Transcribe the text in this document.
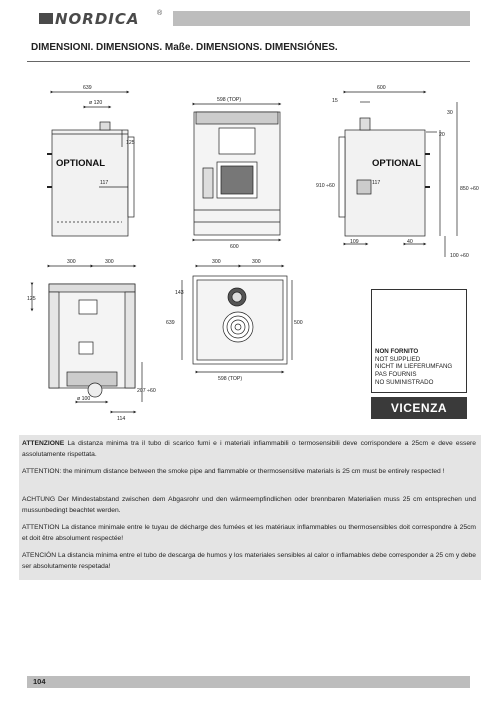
NORDICA ®
DIMENSIONI. DIMENSIONS. Maße. DIMENSIONS. DIMENSIÓNES.
639
ø 120
125
OPTIONAL
117
598 (TOP)
600
600
15
20
30
910 ÷60	850 ÷60
OPTIONAL
117
109	40
100 ÷60
300	300
125
ø 100
207 ÷60
114
300	300
143
639	500
598 (TOP)
NON FORNITO
NOT SUPPLIED
NICHT IM LIEFERUMFANG
PAS FOURNIS
NO SUMINISTRADO
VICENZA

ATTENZIONE La distanza minima tra il tubo di scarico fumi e i materiali infiammabili o termosensibili deve corrispondere a 25cm e deve essere assolutamente rispettata.

ATTENTION: the minimum distance between the smoke pipe and flammable or thermosensitive materials is 25 cm must be entirely respected !

ACHTUNG Der Mindestabstand zwischen dem Abgasrohr und den wärmeempfindlichen oder brennbaren Materialien muss 25 cm entsprechen und mussunbedingt beachtet werden.

ATTENTION La distance minimale entre le tuyau de décharge des fumées et les matériaux inflammables ou thermosensibles doit correspondre à 25cm et doit être absolument respectée!

ATENCIÓN La distancia mínima entre el tubo de descarga de humos y los materiales sensibles al calor o inflamables debe corresponder a 25 cm y debe ser absolutamente respetada!

104
